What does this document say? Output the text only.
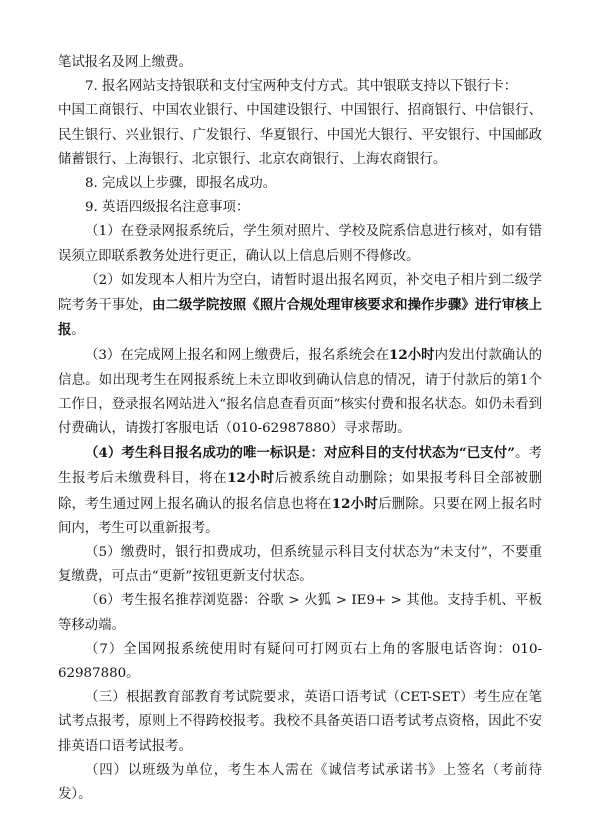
笔试报名及网上缴费。

7. 报名网站支持银联和支付宝两种支付方式。其中银联支持以下银行卡：

中国工商银行、中国农业银行、中国建设银行、中国银行、招商银行、中信银行、民生银行、兴业银行、广发银行、华夏银行、中国光大银行、平安银行、中国邮政储蓄银行、上海银行、北京银行、北京农商银行、上海农商银行。

8. 完成以上步骤，即报名成功。

9. 英语四级报名注意事项：

（1）在登录网报系统后，学生须对照片、学校及院系信息进行核对，如有错误须立即联系教务处进行更正，确认以上信息后则不得修改。

（2）如发现本人相片为空白，请暂时退出报名网页，补交电子相片到二级学院考务干事处，由二级学院按照《照片合规处理审核要求和操作步骤》进行审核上报。

（3）在完成网上报名和网上缴费后，报名系统会在12小时内发出付款确认的信息。如出现考生在网报系统上未立即收到确认信息的情况，请于付款后的第1个工作日，登录报名网站进入“报名信息查看页面”核实付费和报名状态。如仍未看到付费确认，请拨打客服电话（010-62987880）寻求帮助。

（4）考生科目报名成功的唯一标识是：对应科目的支付状态为“已支付”。考生报考后未缴费科目，将在12小时后被系统自动删除；如果报考科目全部被删除，考生通过网上报名确认的报名信息也将在12小时后删除。只要在网上报名时间内，考生可以重新报考。

（5）缴费时，银行扣费成功，但系统显示科目支付状态为“未支付”，不要重复缴费，可点击“更新”按钮更新支付状态。

（6）考生报名推荐浏览器：谷歌 > 火狐 > IE9+ > 其他。支持手机、平板等移动端。

（7）全国网报系统使用时有疑问可打网页右上角的客服电话咨询：010-62987880。

（三）根据教育部教育考试院要求，英语口语考试（CET-SET）考生应在笔试考点报考，原则上不得跨校报考。我校不具备英语口语考试考点资格，因此不安排英语口语考试报考。

（四）以班级为单位，考生本人需在《诚信考试承诺书》上签名（考前待发）。
